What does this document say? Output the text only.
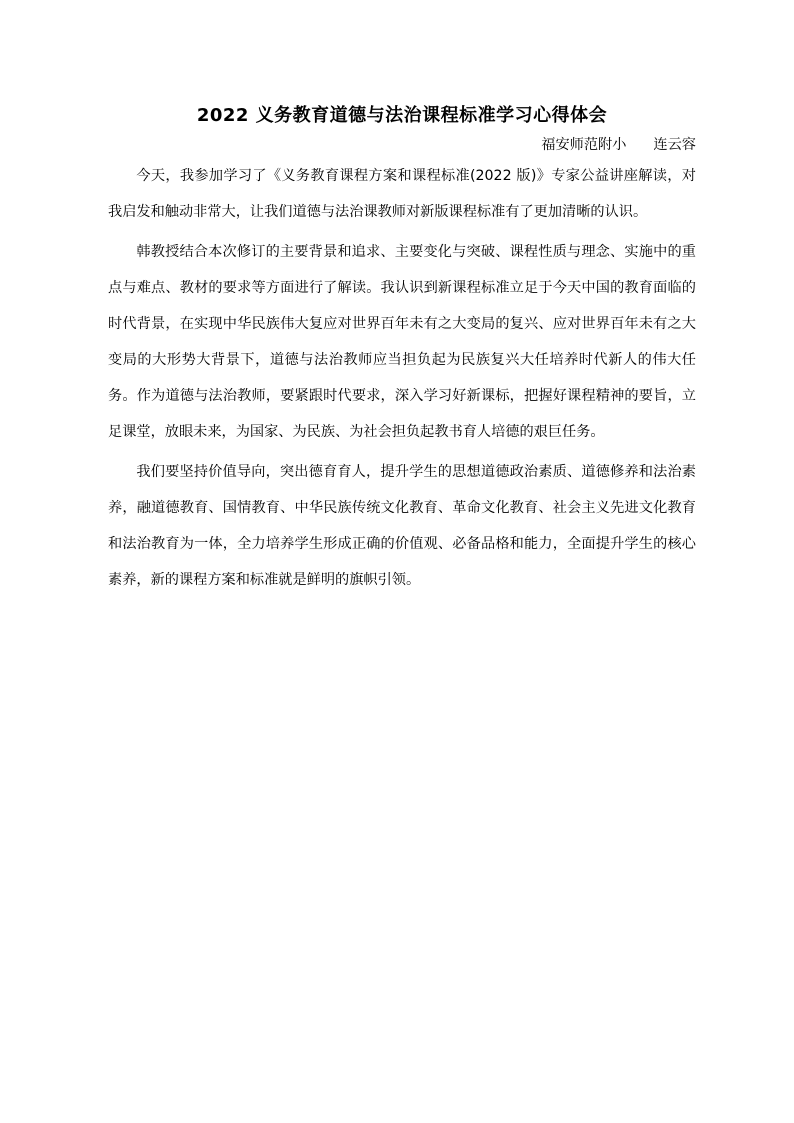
2022 义务教育道德与法治课程标准学习心得体会

福安师范附小      连云容

今天，我参加学习了《义务教育课程方案和课程标准(2022 版)》专家公益讲座解读，对我启发和触动非常大，让我们道德与法治课教师对新版课程标准有了更加清晰的认识。

韩教授结合本次修订的主要背景和追求、主要变化与突破、课程性质与理念、实施中的重点与难点、教材的要求等方面进行了解读。我认识到新课程标准立足于今天中国的教育面临的时代背景，在实现中华民族伟大复应对世界百年未有之大变局的复兴、应对世界百年未有之大变局的大形势大背景下，道德与法治教师应当担负起为民族复兴大任培养时代新人的伟大任务。作为道德与法治教师，要紧跟时代要求，深入学习好新课标，把握好课程精神的要旨，立足课堂，放眼未来，为国家、为民族、为社会担负起教书育人培德的艰巨任务。

我们要坚持价值导向，突出德育育人，提升学生的思想道德政治素质、道德修养和法治素养，融道德教育、国情教育、中华民族传统文化教育、革命文化教育、社会主义先进文化教育和法治教育为一体，全力培养学生形成正确的价值观、必备品格和能力，全面提升学生的核心素养，新的课程方案和标准就是鲜明的旗帜引领。
